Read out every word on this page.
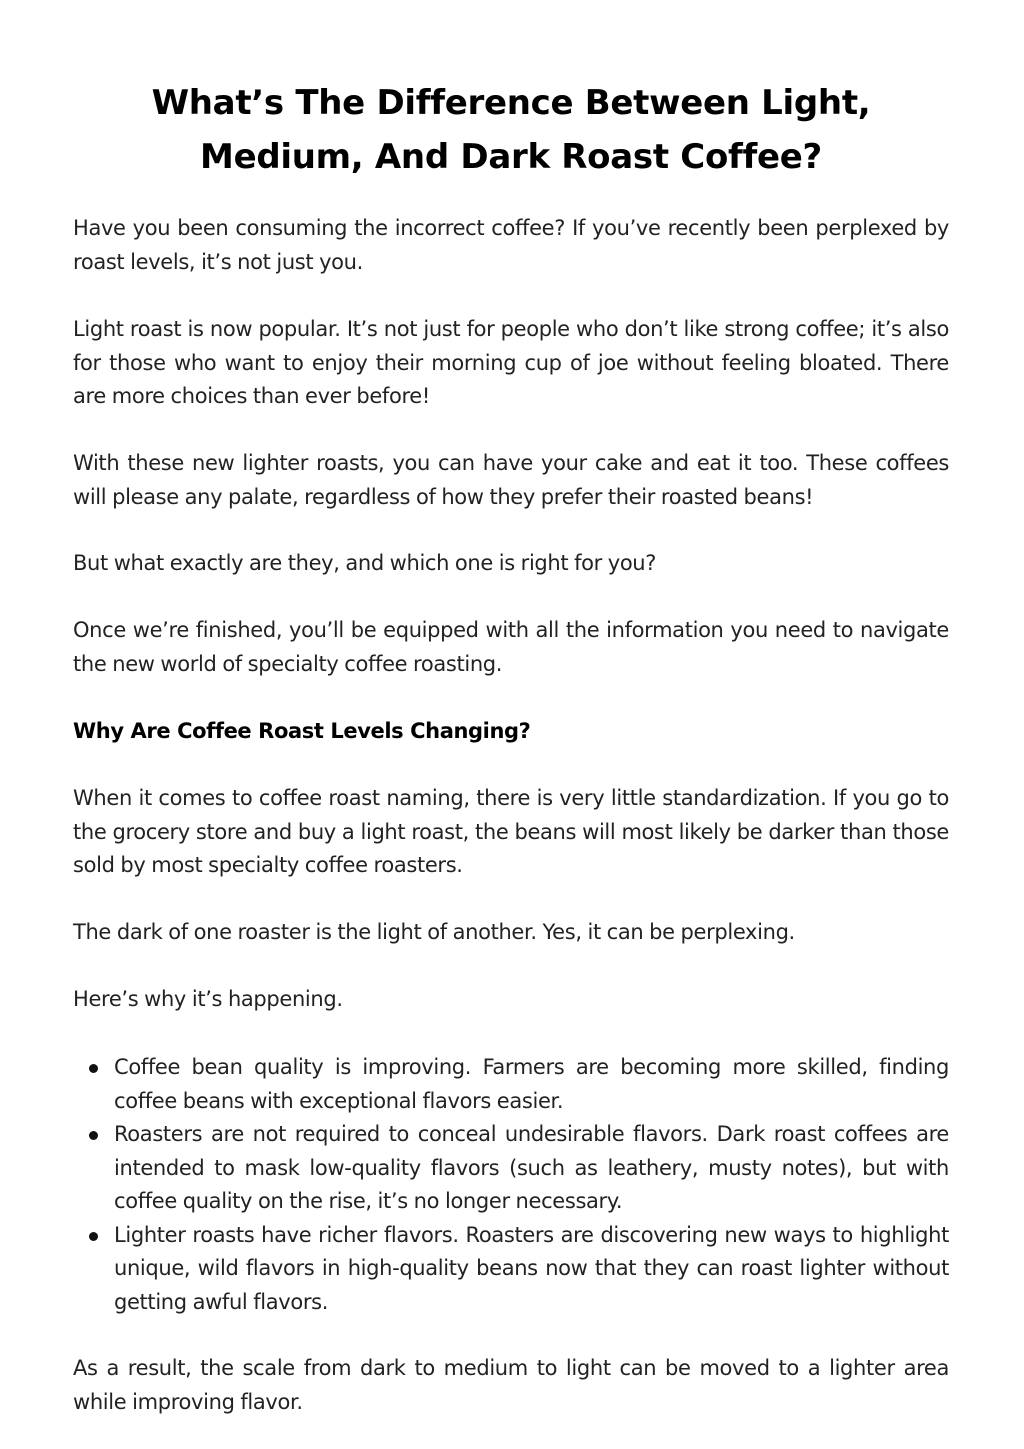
What’s The Difference Between Light,
Medium, And Dark Roast Coffee?

Have you been consuming the incorrect coffee? If you’ve recently been perplexed by roast levels, it’s not just you.

Light roast is now popular. It’s not just for people who don’t like strong coffee; it’s also for those who want to enjoy their morning cup of joe without feeling bloated. There are more choices than ever before!

With these new lighter roasts, you can have your cake and eat it too. These coffees will please any palate, regardless of how they prefer their roasted beans!

But what exactly are they, and which one is right for you?

Once we’re finished, you’ll be equipped with all the information you need to navigate the new world of specialty coffee roasting.

Why Are Coffee Roast Levels Changing?

When it comes to coffee roast naming, there is very little standardization. If you go to the grocery store and buy a light roast, the beans will most likely be darker than those sold by most specialty coffee roasters.

The dark of one roaster is the light of another. Yes, it can be perplexing.

Here’s why it’s happening.

Coffee bean quality is improving. Farmers are becoming more skilled, finding coffee beans with exceptional flavors easier.
Roasters are not required to conceal undesirable flavors. Dark roast coffees are intended to mask low-quality flavors (such as leathery, musty notes), but with coffee quality on the rise, it’s no longer necessary.
Lighter roasts have richer flavors. Roasters are discovering new ways to highlight unique, wild flavors in high-quality beans now that they can roast lighter without getting awful flavors.

As a result, the scale from dark to medium to light can be moved to a lighter area while improving flavor.
